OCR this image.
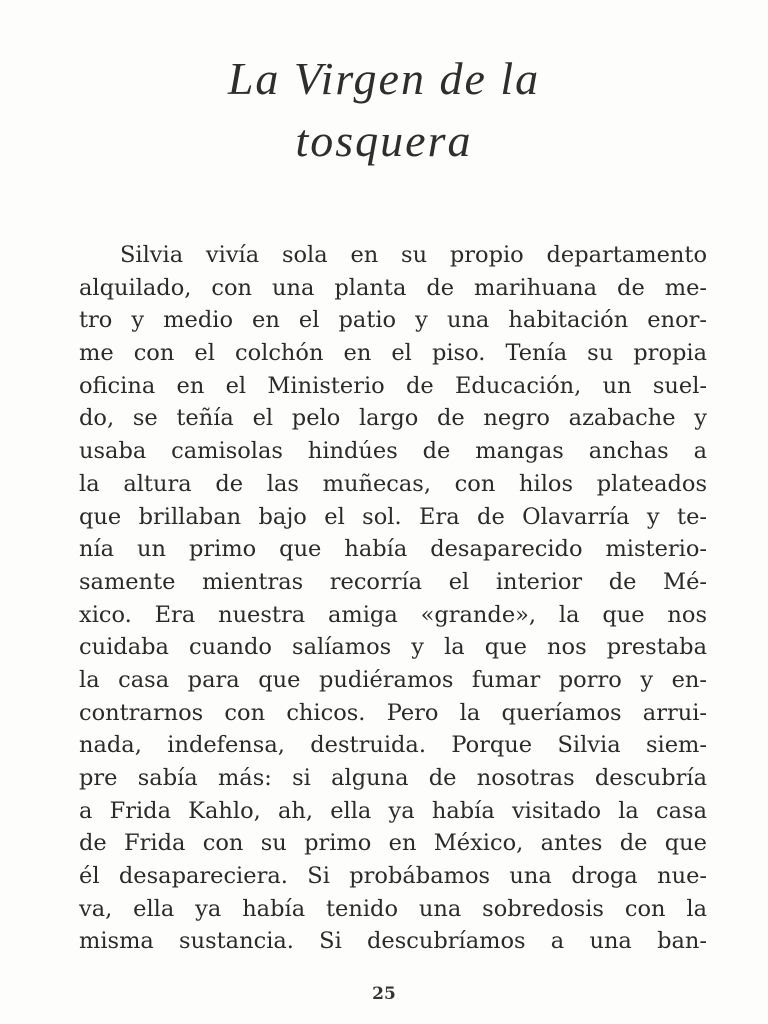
La Virgen de la
tosquera
Silvia vivía sola en su propio departamento
alquilado, con una planta de marihuana de me-
tro y medio en el patio y una habitación enor-
me con el colchón en el piso. Tenía su propia
oficina en el Ministerio de Educación, un suel-
do, se teñía el pelo largo de negro azabache y
usaba camisolas hindúes de mangas anchas a
la altura de las muñecas, con hilos plateados
que brillaban bajo el sol. Era de Olavarría y te-
nía un primo que había desaparecido misterio-
samente mientras recorría el interior de Mé-
xico. Era nuestra amiga «grande», la que nos
cuidaba cuando salíamos y la que nos prestaba
la casa para que pudiéramos fumar porro y en-
contrarnos con chicos. Pero la queríamos arrui-
nada, indefensa, destruida. Porque Silvia siem-
pre sabía más: si alguna de nosotras descubría
a Frida Kahlo, ah, ella ya había visitado la casa
de Frida con su primo en México, antes de que
él desapareciera. Si probábamos una droga nue-
va, ella ya había tenido una sobredosis con la
misma sustancia. Si descubríamos a una ban-
25
